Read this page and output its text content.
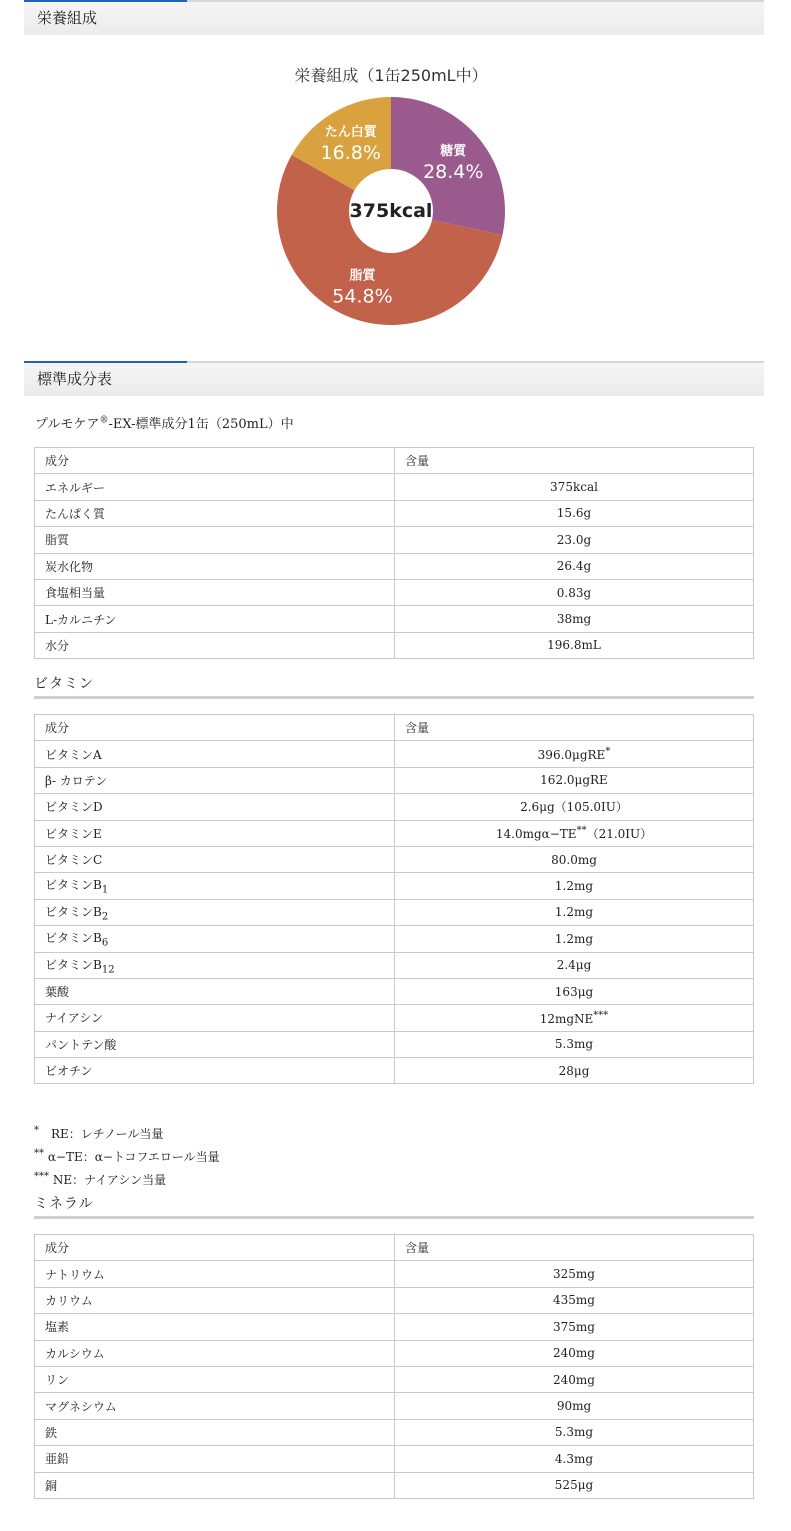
栄養組成
栄養組成（1缶250mL中）
375kcal
糖質
28.4%
脂質
54.8%
たん白質
16.8%
標準成分表
プルモケア®-EX-標準成分1缶（250mL）中
成分	含量
エネルギー	375kcal
たんぱく質	15.6g
脂質	23.0g
炭水化物	26.4g
食塩相当量	0.83g
L-カルニチン	38mg
水分	196.8mL
ビタミン
成分	含量
ビタミンA	396.0μgRE*
β- カロテン	162.0μgRE
ビタミンD	2.6μg（105.0IU）
ビタミンE	14.0mgα−TE**（21.0IU）
ビタミンC	80.0mg
ビタミン$B_1$	1.2mg
ビタミン$B_2$	1.2mg
ビタミン$B_6$	1.2mg
ビタミン$B_{12}$	2.4μg
葉酸	163μg
ナイアシン	12mgNE***
パントテン酸	5.3mg
ビオチン	28μg
*　RE：レチノール当量
** α−TE：α−トコフエロール当量
*** NE：ナイアシン当量
ミネラル
成分	含量
ナトリウム	325mg
カリウム	435mg
塩素	375mg
カルシウム	240mg
リン	240mg
マグネシウム	90mg
鉄	5.3mg
亜鉛	4.3mg
銅	525μg
